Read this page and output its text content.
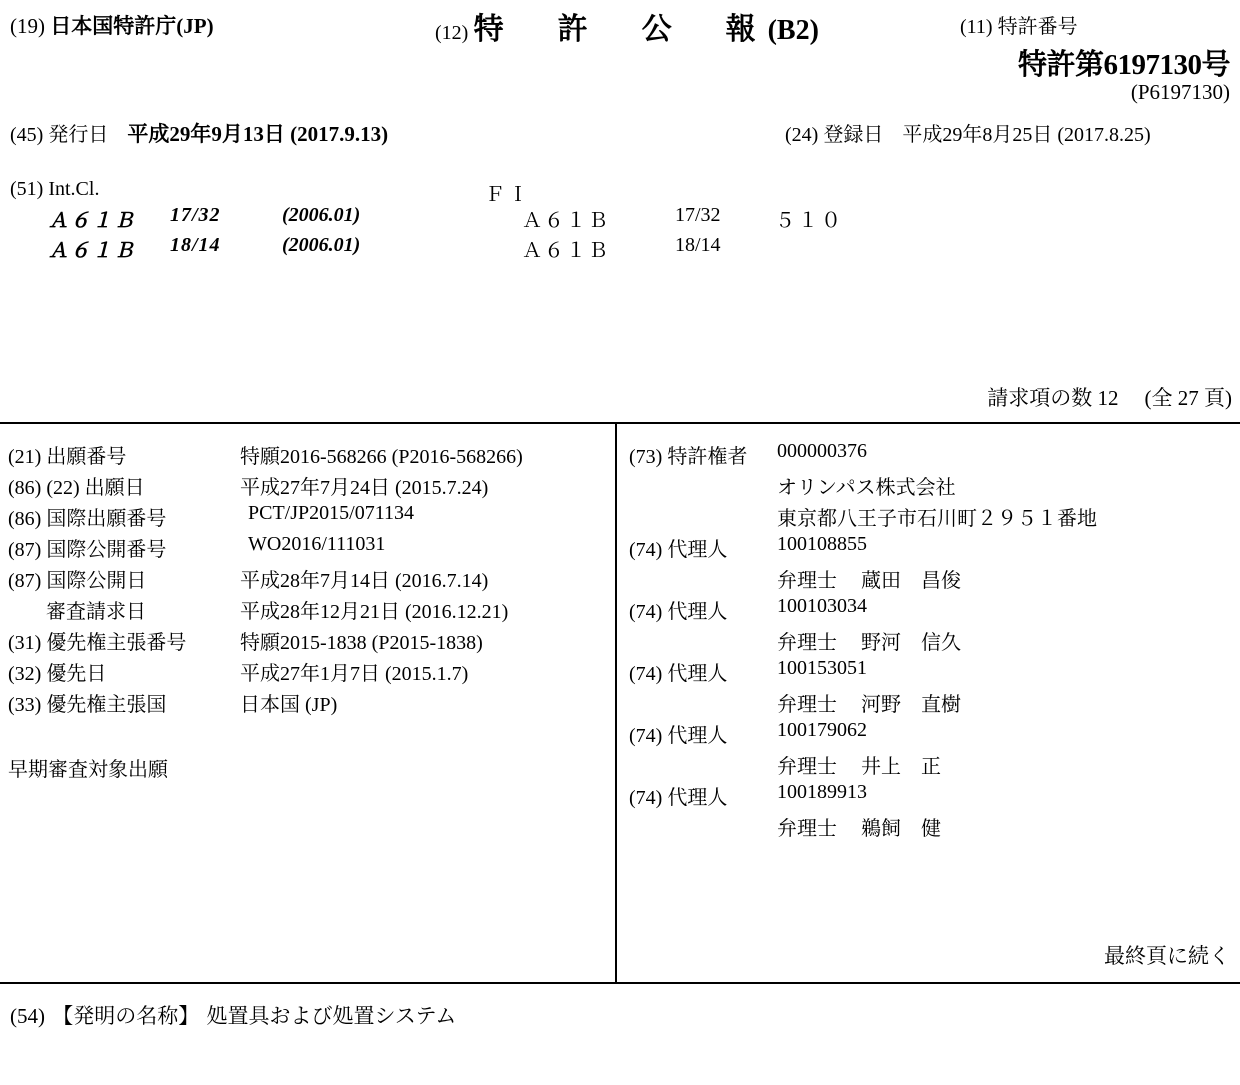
(19) 日本国特許庁(JP)	(12) 特　許　公　報(B2)	(11) 特許番号
特許第6197130号
(P6197130)
(45) 発行日 平成29年9月13日 (2017.9.13)	(24) 登録日 平成29年8月25日 (2017.8.25)
(51) Int.Cl.	ＦＩ
Ａ６１Ｂ 17/32	(2006.01)	Ａ６１Ｂ	17/32	５１０
Ａ６１Ｂ 18/14	(2006.01)	Ａ６１Ｂ	18/14
請求項の数 12 (全 27 頁)
(21) 出願番号	特願2016-568266 (P2016-568266)
(86) (22) 出願日	平成27年7月24日 (2015.7.24)
(86) 国際出願番号	PCT/JP2015/071134
(87) 国際公開番号	WO2016/111031
(87) 国際公開日	平成28年7月14日 (2016.7.14)
審査請求日	平成28年12月21日 (2016.12.21)
(31) 優先権主張番号	特願2015-1838 (P2015-1838)
(32) 優先日	平成27年1月7日 (2015.1.7)
(33) 優先権主張国	日本国 (JP)
早期審査対象出願
(73) 特許権者 000000376
オリンパス株式会社
東京都八王子市石川町２９５１番地
(74) 代理人 100108855
弁理士 蔵田　昌俊
(74) 代理人 100103034
弁理士 野河　信久
(74) 代理人 100153051
弁理士 河野　直樹
(74) 代理人 100179062
弁理士 井上　正
(74) 代理人 100189913
弁理士 鵜飼　健
最終頁に続く
(54) 【発明の名称】 処置具および処置システム
